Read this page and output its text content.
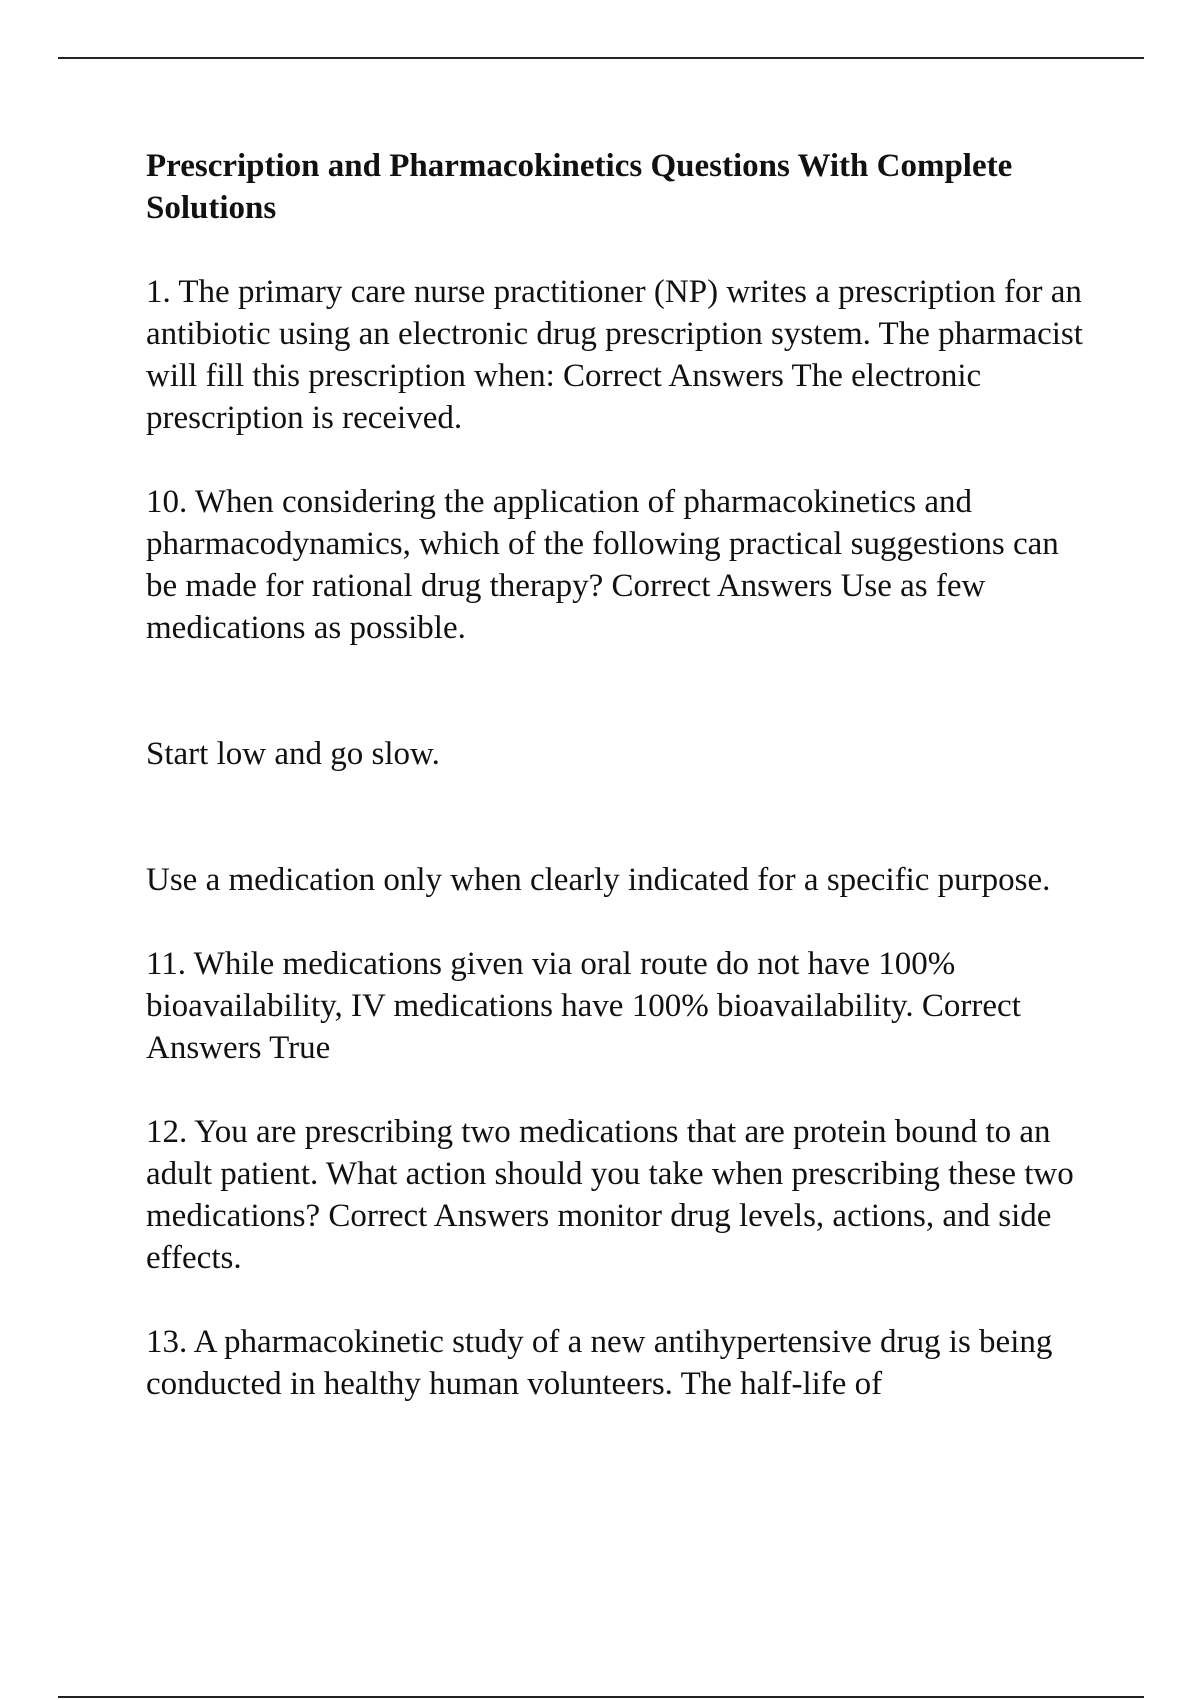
Prescription and Pharmacokinetics Questions With Complete Solutions
1. The primary care nurse practitioner (NP) writes a prescription for an antibiotic using an electronic drug prescription system. The pharmacist will fill this prescription when: Correct Answers The electronic prescription is received.
10. When considering the application of pharmacokinetics and pharmacodynamics, which of the following practical suggestions can be made for rational drug therapy? Correct Answers Use as few medications as possible.
Start low and go slow.
Use a medication only when clearly indicated for a specific purpose.
11. While medications given via oral route do not have 100% bioavailability, IV medications have 100% bioavailability. Correct Answers True
12. You are prescribing two medications that are protein bound to an adult patient. What action should you take when prescribing these two medications? Correct Answers monitor drug levels, actions, and side effects.
13. A pharmacokinetic study of a new antihypertensive drug is being conducted in healthy human volunteers. The half-life of
